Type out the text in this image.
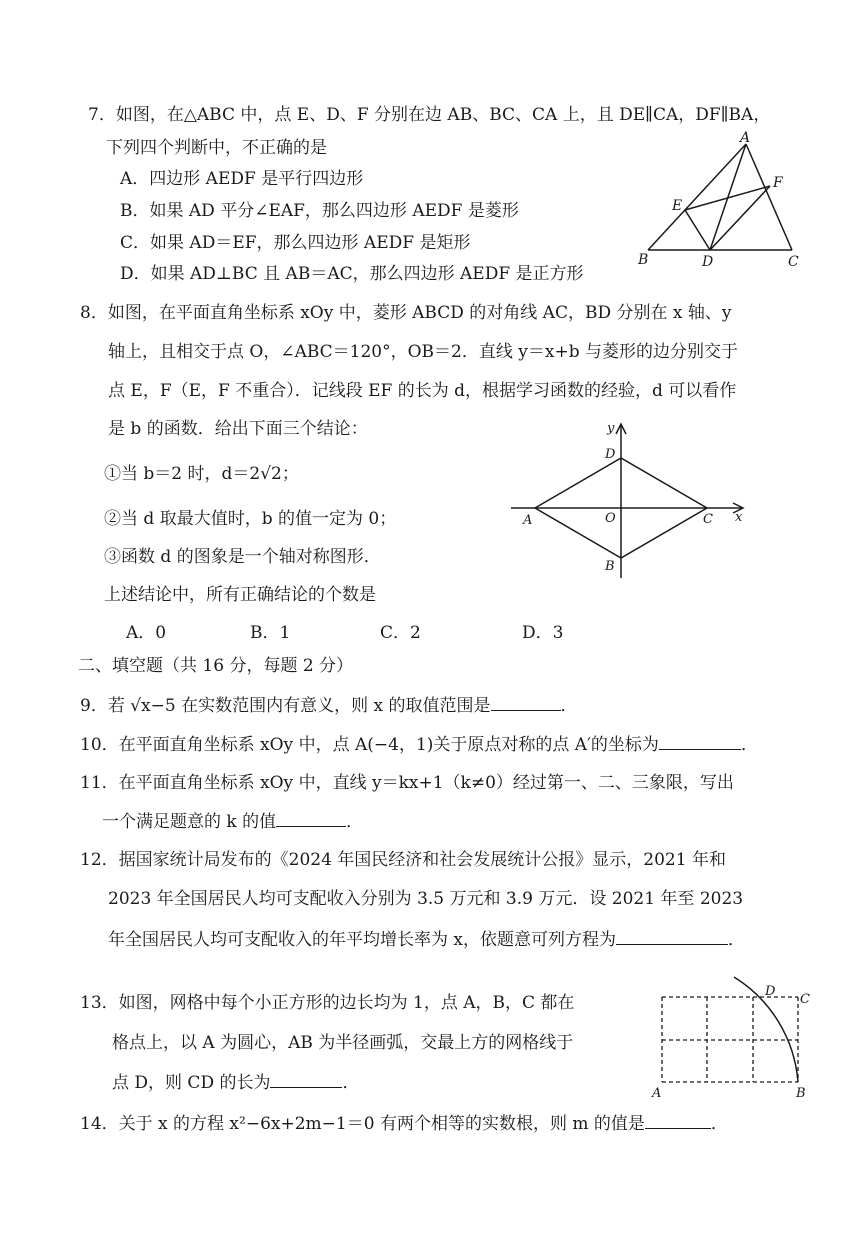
7．如图，在△ABC 中，点 E、D、F 分别在边 AB、BC、CA 上，且 DE∥CA，DF∥BA，
下列四个判断中，不正确的是
A．四边形 AEDF 是平行四边形
B．如果 AD 平分∠EAF，那么四边形 AEDF 是菱形
C．如果 AD＝EF，那么四边形 AEDF 是矩形
D．如果 AD⊥BC 且 AB＝AC，那么四边形 AEDF 是正方形
A
B	C
D
E
F
8．如图，在平面直角坐标系 xOy 中，菱形 ABCD 的对角线 AC，BD 分别在 x 轴、y
轴上，且相交于点 O，∠ABC＝120°，OB＝2．直线 y＝x+b 与菱形的边分别交于
点 E，F（E，F 不重合）．记线段 EF 的长为 d，根据学习函数的经验，d 可以看作
是 b 的函数．给出下面三个结论：
①当 b＝2 时，d＝2√2；
②当 d 取最大值时，b 的值一定为 0；
③函数 d 的图象是一个轴对称图形．
上述结论中，所有正确结论的个数是
A．0	B．1	C．2	D．3
y
x
A
D
O	C
B
二、填空题（共 16 分，每题 2 分）
9．若 √x−5 在实数范围内有意义，则 x 的取值范围是	．
10．在平面直角坐标系 xOy 中，点 A(−4，1)关于原点对称的点 A′的坐标为	．
11．在平面直角坐标系 xOy 中，直线 y＝kx+1（k≠0）经过第一、二、三象限，写出
一个满足题意的 k 的值	．
12．据国家统计局发布的《2024 年国民经济和社会发展统计公报》显示，2021 年和
2023 年全国居民人均可支配收入分别为 3.5 万元和 3.9 万元．设 2021 年至 2023
年全国居民人均可支配收入的年平均增长率为 x，依题意可列方程为	．
13．如图，网格中每个小正方形的边长均为 1，点 A，B，C 都在
格点上，以 A 为圆心，AB 为半径画弧，交最上方的网格线于
点 D，则 CD 的长为	．
A	B
C
D
14．关于 x 的方程 x²−6x+2m−1＝0 有两个相等的实数根，则 m 的值是	．
